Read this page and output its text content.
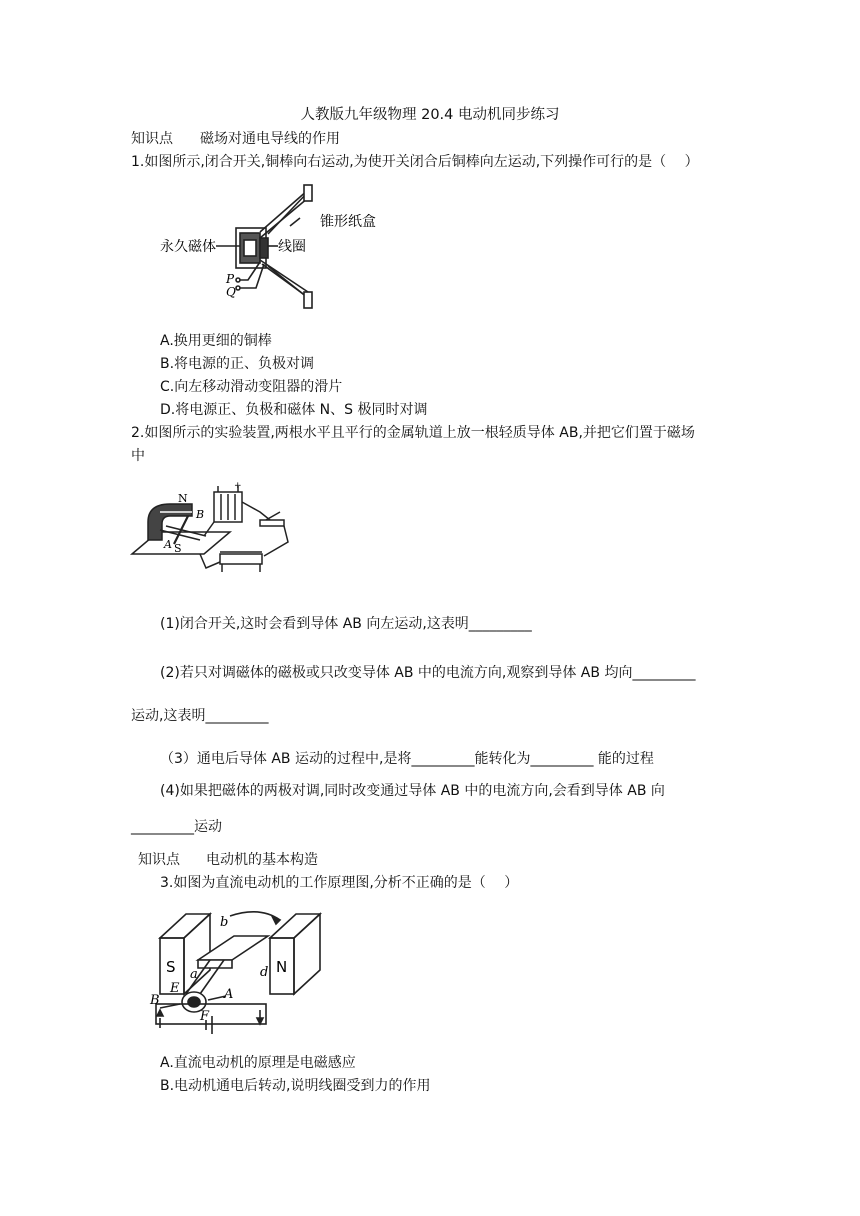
人教版九年级物理 20.4 电动机同步练习
知识点 磁场对通电导线的作用
1.如图所示,闭合开关,铜棒向右运动,为使开关闭合后铜棒向左运动,下列操作可行的是（　 ）
锥形纸盒
永久磁体	线圈
P
Q
A.换用更细的铜棒
B.将电源的正、负极对调
C.向左移动滑动变阻器的滑片
D.将电源正、负极和磁体 N、S 极同时对调
2.如图所示的实验装置,两根水平且平行的金属轨道上放一根轻质导体 AB,并把它们置于磁场
中
N
S
A
B
+
(1)闭合开关,这时会看到导体 AB 向左运动,这表明_________
(2)若只对调磁体的磁极或只改变导体 AB 中的电流方向,观察到导体 AB 均向_________
运动,这表明_________
（3）通电后导体 AB 运动的过程中,是将_________能转化为_________ 能的过程
(4)如果把磁体的两极对调,同时改变通过导体 AB 中的电流方向,会看到导体 AB 向
_________运动
知识点 电动机的基本构造
3.如图为直流电动机的工作原理图,分析不正确的是（　 ）
S	N
a
b
d
E
F
A
B
A.直流电动机的原理是电磁感应
B.电动机通电后转动,说明线圈受到力的作用
